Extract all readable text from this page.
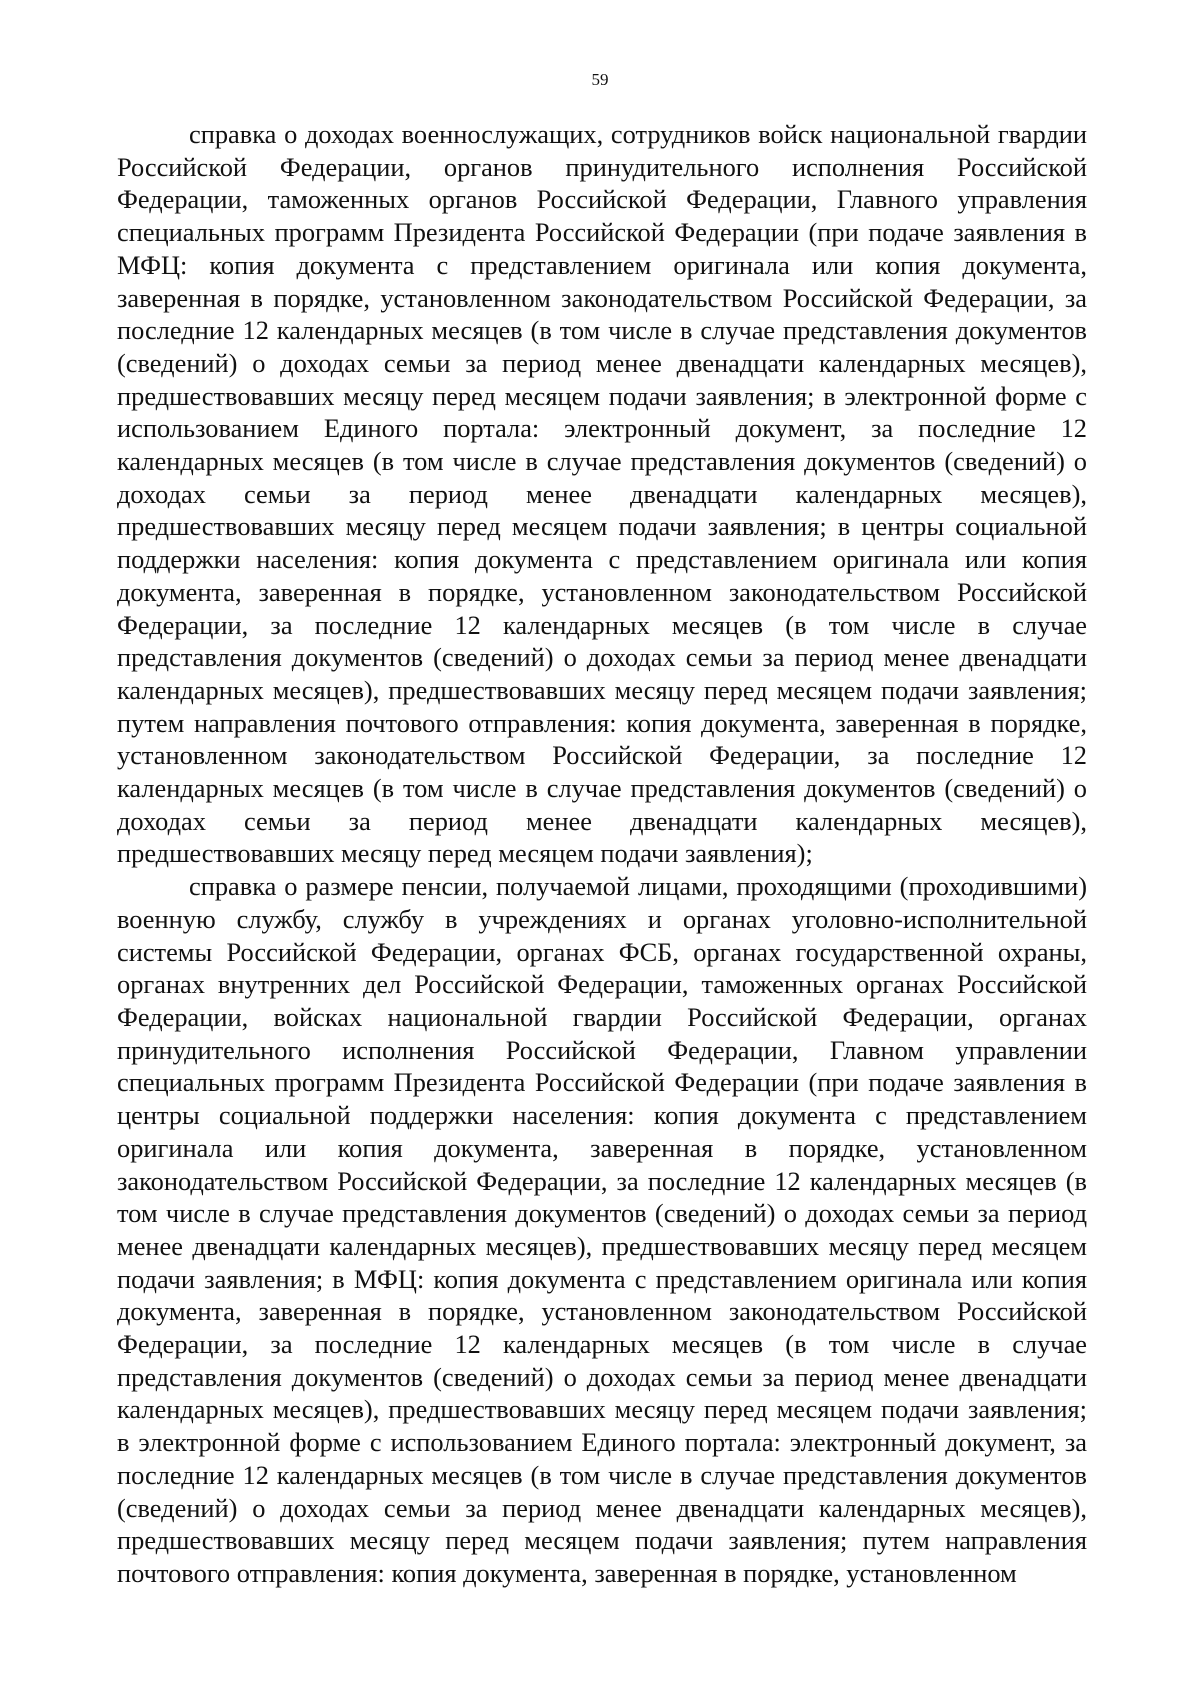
59

справка о доходах военнослужащих, сотрудников войск национальной гвардии Российской Федерации, органов принудительного исполнения Российской Федерации, таможенных органов Российской Федерации, Главного управления специальных программ Президента Российской Федерации (при подаче заявления в МФЦ: копия документа с представлением оригинала или копия документа, заверенная в порядке, установленном законодательством Российской Федерации, за последние 12 календарных месяцев (в том числе в случае представления документов (сведений) о доходах семьи за период менее двенадцати календарных месяцев), предшествовавших месяцу перед месяцем подачи заявления; в электронной форме с использованием Единого портала: электронный документ, за последние 12 календарных месяцев (в том числе в случае представления документов (сведений) о доходах семьи за период менее двенадцати календарных месяцев), предшествовавших месяцу перед месяцем подачи заявления; в центры социальной поддержки населения: копия документа с представлением оригинала или копия документа, заверенная в порядке, установленном законодательством Российской Федерации, за последние 12 календарных месяцев (в том числе в случае представления документов (сведений) о доходах семьи за период менее двенадцати календарных месяцев), предшествовавших месяцу перед месяцем подачи заявления; путем направления почтового отправления: копия документа, заверенная в порядке, установленном законодательством Российской Федерации, за последние 12 календарных месяцев (в том числе в случае представления документов (сведений) о доходах семьи за период менее двенадцати календарных месяцев), предшествовавших месяцу перед месяцем подачи заявления);

справка о размере пенсии, получаемой лицами, проходящими (проходившими) военную службу, службу в учреждениях и органах уголовно-исполнительной системы Российской Федерации, органах ФСБ, органах государственной охраны, органах внутренних дел Российской Федерации, таможенных органах Российской Федерации, войсках национальной гвардии Российской Федерации, органах принудительного исполнения Российской Федерации, Главном управлении специальных программ Президента Российской Федерации (при подаче заявления в центры социальной поддержки населения: копия документа с представлением оригинала или копия документа, заверенная в порядке, установленном законодательством Российской Федерации, за последние 12 календарных месяцев (в том числе в случае представления документов (сведений) о доходах семьи за период менее двенадцати календарных месяцев), предшествовавших месяцу перед месяцем подачи заявления; в МФЦ: копия документа с представлением оригинала или копия документа, заверенная в порядке, установленном законодательством Российской Федерации, за последние 12 календарных месяцев (в том числе в случае представления документов (сведений) о доходах семьи за период менее двенадцати календарных месяцев), предшествовавших месяцу перед месяцем подачи заявления; в электронной форме с использованием Единого портала: электронный документ, за последние 12 календарных месяцев (в том числе в случае представления документов (сведений) о доходах семьи за период менее двенадцати календарных месяцев), предшествовавших месяцу перед месяцем подачи заявления; путем направления почтового отправления: копия документа, заверенная в порядке, установленном
